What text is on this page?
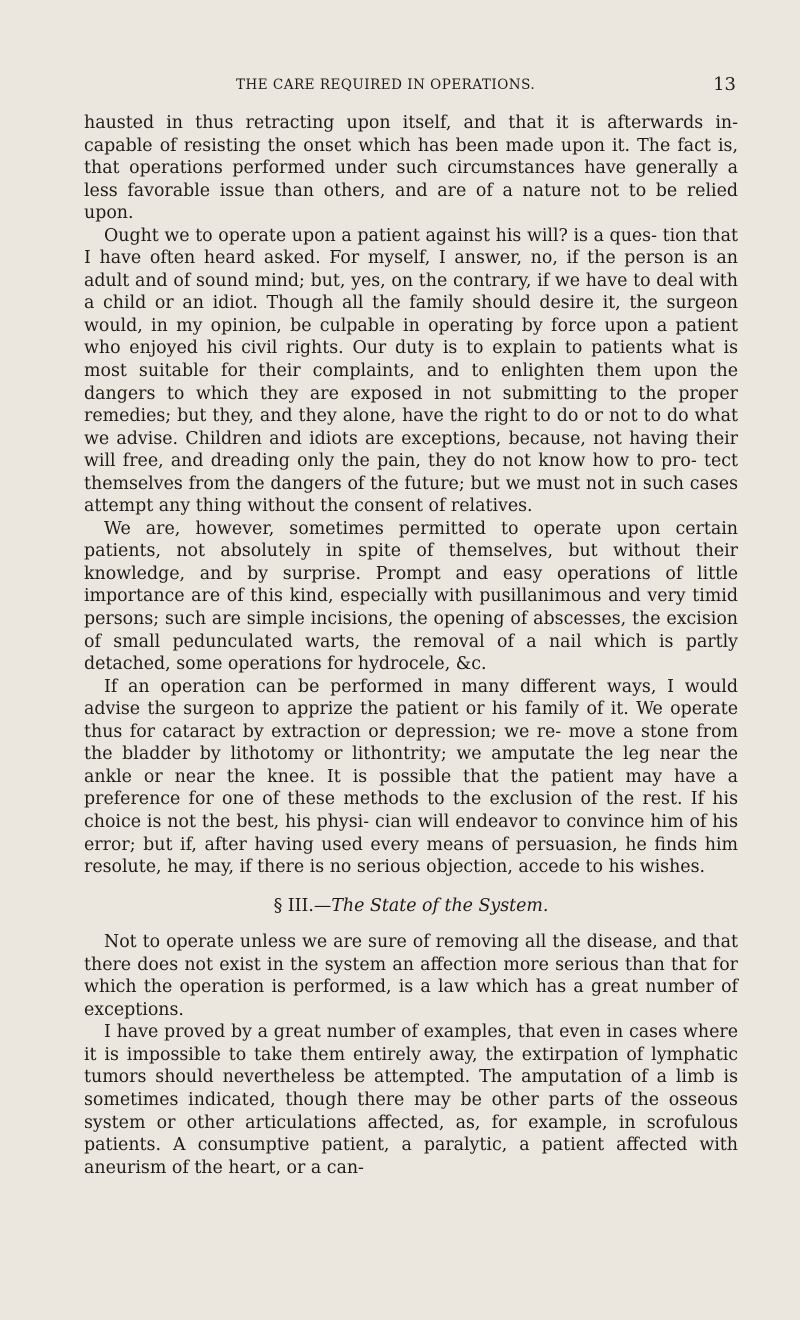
THE CARE REQUIRED IN OPERATIONS.	13

hausted in thus retracting upon itself, and that it is afterwards in- capable of resisting the onset which has been made upon it. The fact is, that operations performed under such circumstances have generally a less favorable issue than others, and are of a nature not to be relied upon.

Ought we to operate upon a patient against his will? is a ques- tion that I have often heard asked. For myself, I answer, no, if the person is an adult and of sound mind; but, yes, on the contrary, if we have to deal with a child or an idiot. Though all the family should desire it, the surgeon would, in my opinion, be culpable in operating by force upon a patient who enjoyed his civil rights. Our duty is to explain to patients what is most suitable for their complaints, and to enlighten them upon the dangers to which they are exposed in not submitting to the proper remedies; but they, and they alone, have the right to do or not to do what we advise. Children and idiots are exceptions, because, not having their will free, and dreading only the pain, they do not know how to pro- tect themselves from the dangers of the future; but we must not in such cases attempt any thing without the consent of relatives.

We are, however, sometimes permitted to operate upon certain patients, not absolutely in spite of themselves, but without their knowledge, and by surprise. Prompt and easy operations of little importance are of this kind, especially with pusillanimous and very timid persons; such are simple incisions, the opening of abscesses, the excision of small pedunculated warts, the removal of a nail which is partly detached, some operations for hydrocele, &c.

If an operation can be performed in many different ways, I would advise the surgeon to apprize the patient or his family of it. We operate thus for cataract by extraction or depression; we re- move a stone from the bladder by lithotomy or lithontrity; we amputate the leg near the ankle or near the knee. It is possible that the patient may have a preference for one of these methods to the exclusion of the rest. If his choice is not the best, his physi- cian will endeavor to convince him of his error; but if, after having used every means of persuasion, he finds him resolute, he may, if there is no serious objection, accede to his wishes.

§ III.—The State of the System.

Not to operate unless we are sure of removing all the disease, and that there does not exist in the system an affection more serious than that for which the operation is performed, is a law which has a great number of exceptions.

I have proved by a great number of examples, that even in cases where it is impossible to take them entirely away, the extirpation of lymphatic tumors should nevertheless be attempted. The amputation of a limb is sometimes indicated, though there may be other parts of the osseous system or other articulations affected, as, for example, in scrofulous patients. A consumptive patient, a paralytic, a patient affected with aneurism of the heart, or a can-
